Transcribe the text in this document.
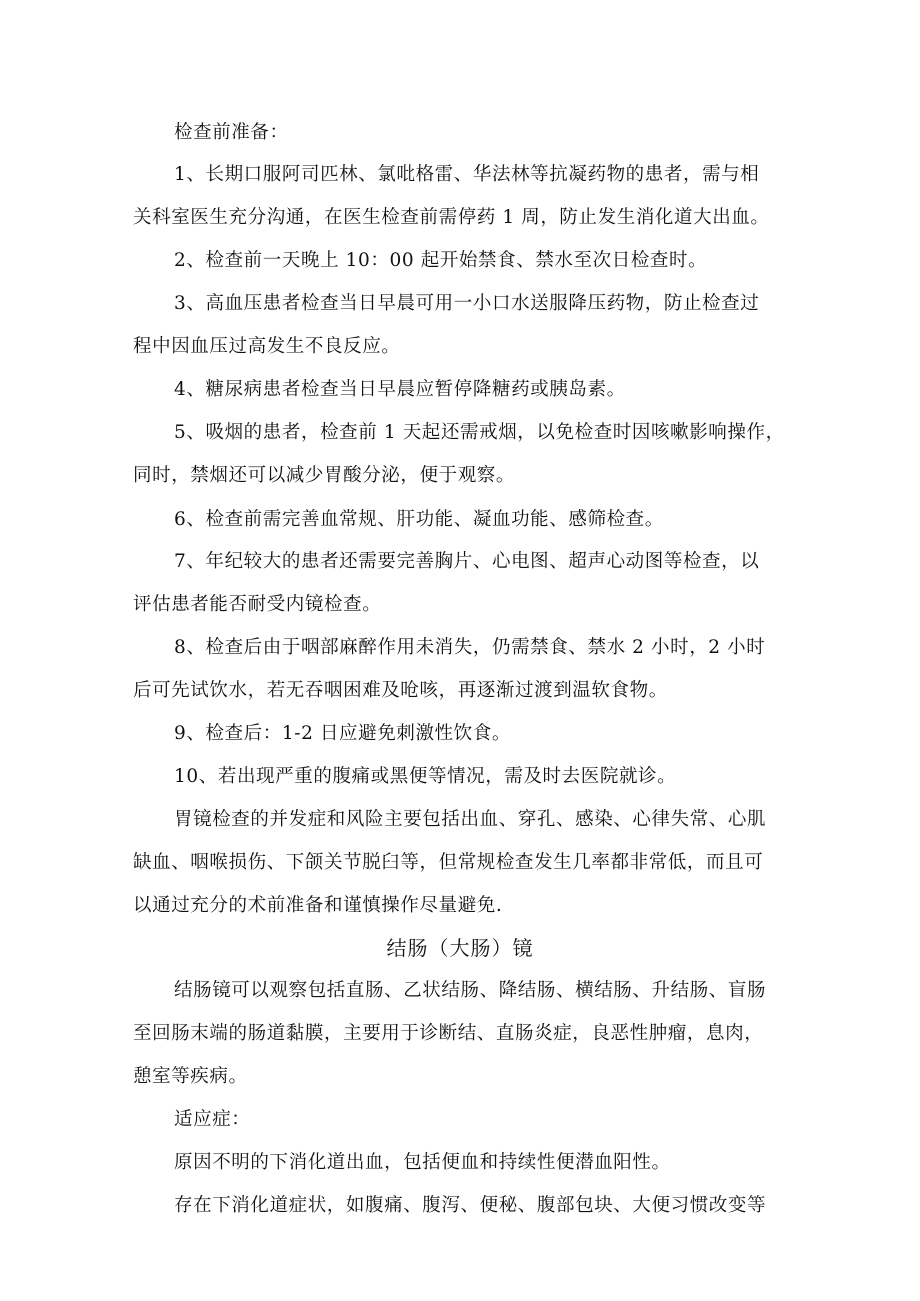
检查前准备：
1、长期口服阿司匹林、氯吡格雷、华法林等抗凝药物的患者，需与相
关科室医生充分沟通，在医生检查前需停药 1 周，防止发生消化道大出血。
2、检查前一天晚上 10：00 起开始禁食、禁水至次日检查时。
3、高血压患者检查当日早晨可用一小口水送服降压药物，防止检查过
程中因血压过高发生不良反应。
4、糖尿病患者检查当日早晨应暂停降糖药或胰岛素。
5、吸烟的患者，检查前 1 天起还需戒烟，以免检查时因咳嗽影响操作，
同时，禁烟还可以减少胃酸分泌，便于观察。
6、检查前需完善血常规、肝功能、凝血功能、感筛检查。
7、年纪较大的患者还需要完善胸片、心电图、超声心动图等检查，以
评估患者能否耐受内镜检查。
8、检查后由于咽部麻醉作用未消失，仍需禁食、禁水 2 小时，2 小时
后可先试饮水，若无吞咽困难及呛咳，再逐渐过渡到温软食物。
9、检查后：1-2 日应避免刺激性饮食。
10、若出现严重的腹痛或黑便等情况，需及时去医院就诊。
胃镜检查的并发症和风险主要包括出血、穿孔、感染、心律失常、心肌
缺血、咽喉损伤、下颌关节脱臼等，但常规检查发生几率都非常低，而且可
以通过充分的术前准备和谨慎操作尽量避免.
结肠（大肠）镜
结肠镜可以观察包括直肠、乙状结肠、降结肠、横结肠、升结肠、盲肠
至回肠末端的肠道黏膜，主要用于诊断结、直肠炎症，良恶性肿瘤，息肉，
憩室等疾病。
适应症：
原因不明的下消化道出血，包括便血和持续性便潜血阳性。
存在下消化道症状，如腹痛、腹泻、便秘、腹部包块、大便习惯改变等
